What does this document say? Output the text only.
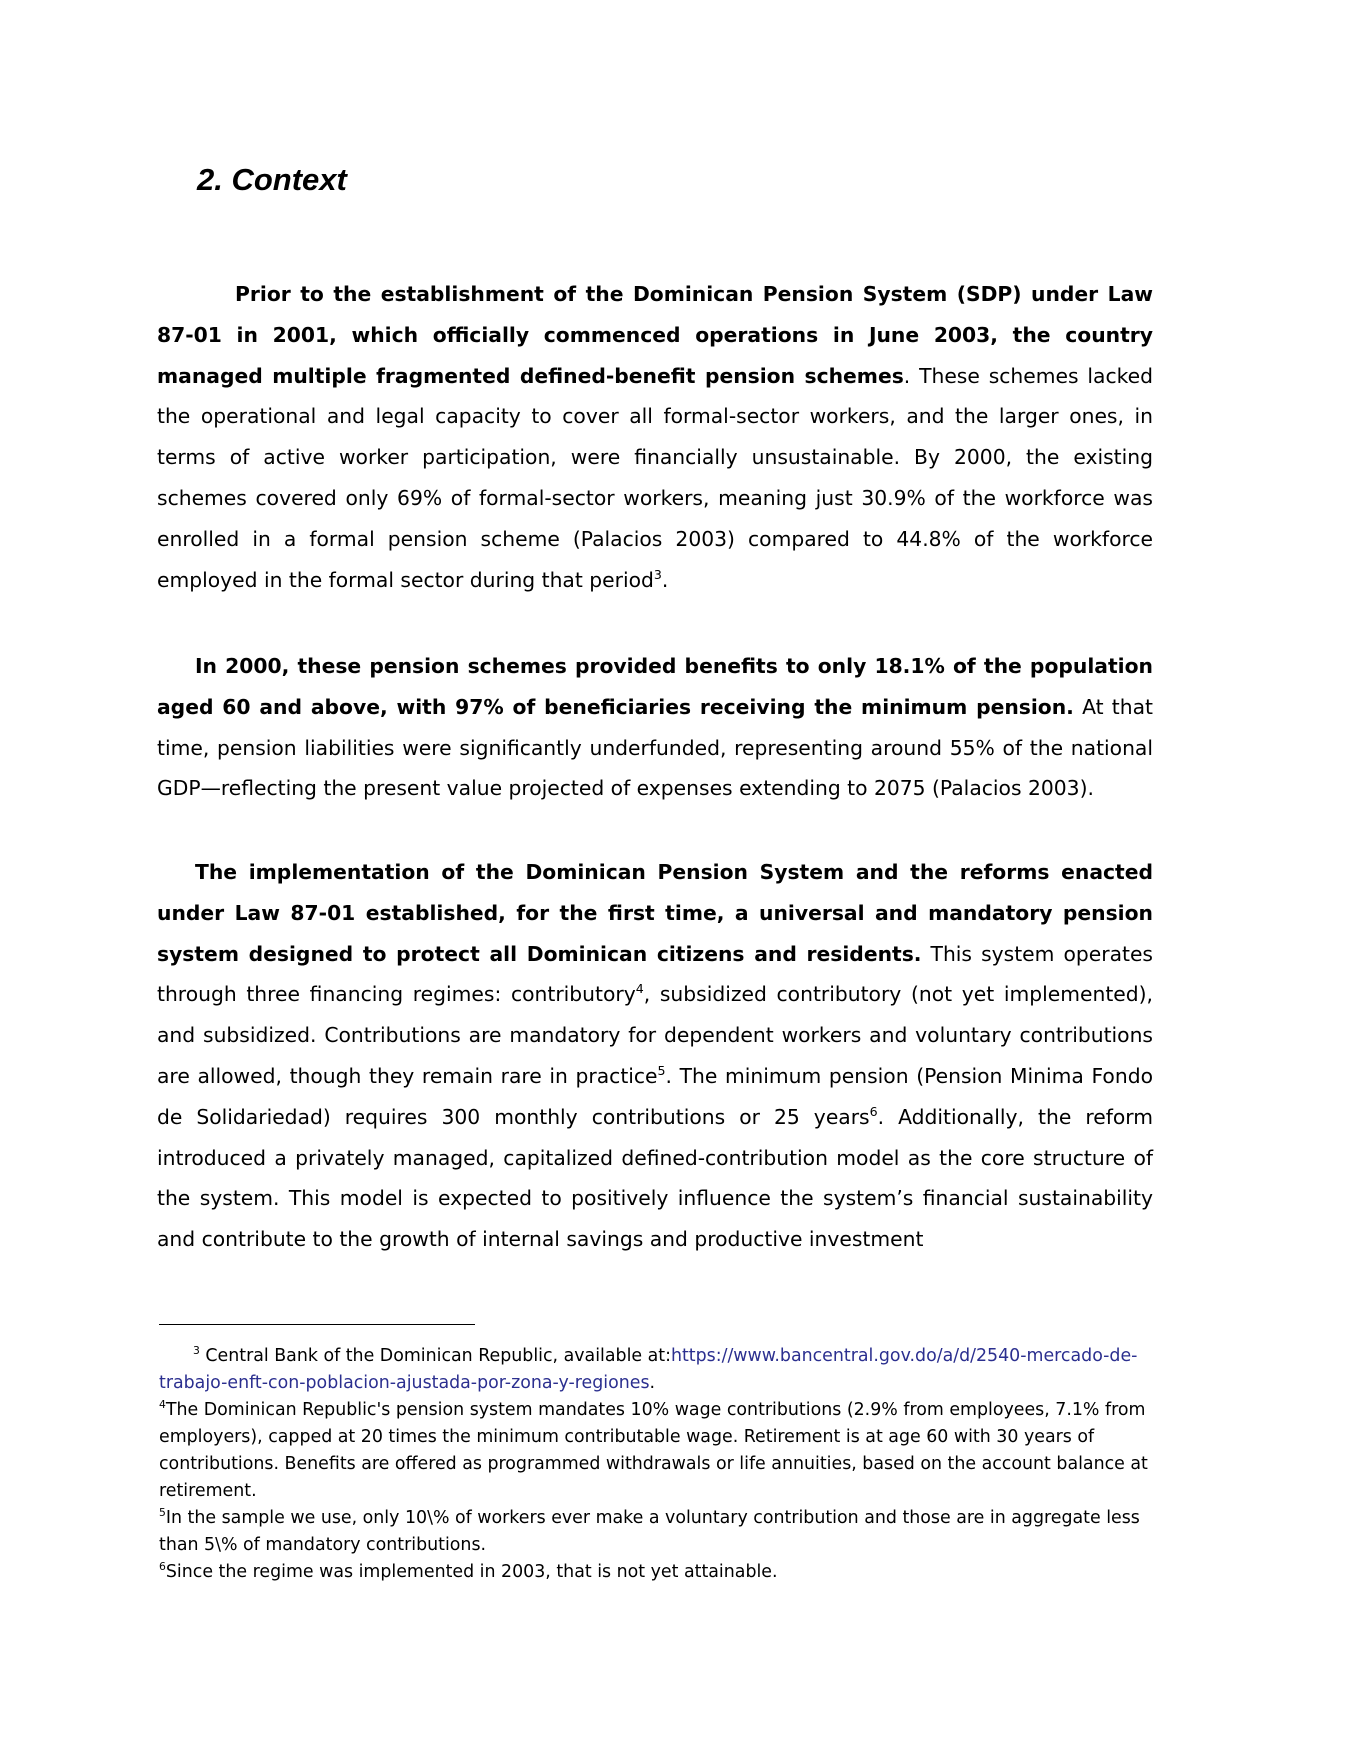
2. Context

Prior to the establishment of the Dominican Pension System (SDP) under Law 87-01 in 2001, which officially commenced operations in June 2003, the country managed multiple fragmented defined-benefit pension schemes. These schemes lacked the operational and legal capacity to cover all formal-sector workers, and the larger ones, in terms of active worker participation, were financially unsustainable. By 2000, the existing schemes covered only 69% of formal-sector workers, meaning just 30.9% of the workforce was enrolled in a formal pension scheme (Palacios 2003) compared to 44.8% of the workforce employed in the formal sector during that period$^3$.

In 2000, these pension schemes provided benefits to only 18.1% of the population aged 60 and above, with 97% of beneficiaries receiving the minimum pension. At that time, pension liabilities were significantly underfunded, representing around 55% of the national GDP—reflecting the present value projected of expenses extending to 2075 (Palacios 2003).

The implementation of the Dominican Pension System and the reforms enacted under Law 87-01 established, for the first time, a universal and mandatory pension system designed to protect all Dominican citizens and residents. This system operates through three financing regimes: contributory$^4$, subsidized contributory (not yet implemented), and subsidized. Contributions are mandatory for dependent workers and voluntary contributions are allowed, though they remain rare in practice$^5$. The minimum pension (Pension Minima Fondo de Solidariedad) requires 300 monthly contributions or 25 years$^6$. Additionally, the reform introduced a privately managed, capitalized defined-contribution model as the core structure of the system. This model is expected to positively influence the system’s financial sustainability and contribute to the growth of internal savings and productive investment

$^3$ Central Bank of the Dominican Republic, available at:https://www.bancentral.gov.do/a/d/2540-mercado-de-trabajo-enft-con-poblacion-ajustada-por-zona-y-regiones.

$^4$The Dominican Republic's pension system mandates 10% wage contributions (2.9% from employees, 7.1% from employers), capped at 20 times the minimum contributable wage. Retirement is at age 60 with 30 years of contributions. Benefits are offered as programmed withdrawals or life annuities, based on the account balance at retirement.

$^5$In the sample we use, only 10\% of workers ever make a voluntary contribution and those are in aggregate less than 5\% of mandatory contributions.

$^6$Since the regime was implemented in 2003, that is not yet attainable.
